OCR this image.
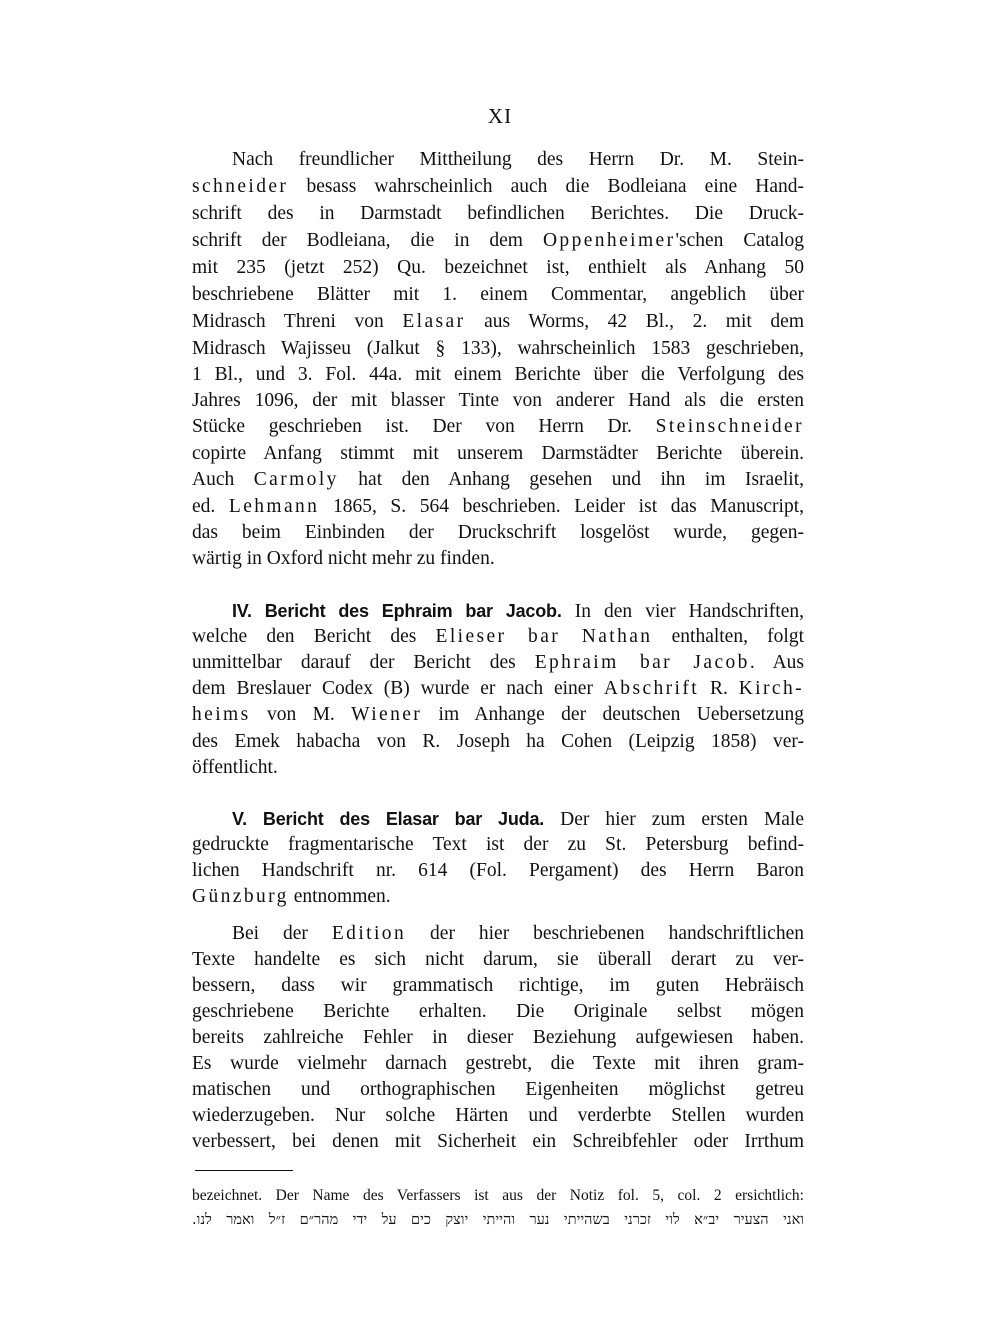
XI
Nach freundlicher Mittheilung des Herrn Dr. M. Stein-
schneider besass wahrscheinlich auch die Bodleiana eine Hand-
schrift des in Darmstadt befindlichen Berichtes. Die Druck-
schrift der Bodleiana, die in dem Oppenheimer'schen Catalog
mit 235 (jetzt 252) Qu. bezeichnet ist, enthielt als Anhang 50
beschriebene Blätter mit 1. einem Commentar, angeblich über
Midrasch Threni von Elasar aus Worms, 42 Bl., 2. mit dem
Midrasch Wajisseu (Jalkut § 133), wahrscheinlich 1583 geschrieben,
1 Bl., und 3. Fol. 44a. mit einem Berichte über die Verfolgung des
Jahres 1096, der mit blasser Tinte von anderer Hand als die ersten
Stücke geschrieben ist. Der von Herrn Dr. Steinschneider
copirte Anfang stimmt mit unserem Darmstädter Berichte überein.
Auch Carmoly hat den Anhang gesehen und ihn im Israelit,
ed. Lehmann 1865, S. 564 beschrieben. Leider ist das Manuscript,
das beim Einbinden der Druckschrift losgelöst wurde, gegen-
wärtig in Oxford nicht mehr zu finden.
IV. Bericht des Ephraim bar Jacob. In den vier Handschriften,
welche den Bericht des Elieser bar Nathan enthalten, folgt
unmittelbar darauf der Bericht des Ephraim bar Jacob. Aus
dem Breslauer Codex (B) wurde er nach einer Abschrift R. Kirch-
heims von M. Wiener im Anhange der deutschen Uebersetzung
des Emek habacha von R. Joseph ha Cohen (Leipzig 1858) ver-
öffentlicht.
V. Bericht des Elasar bar Juda. Der hier zum ersten Male
gedruckte fragmentarische Text ist der zu St. Petersburg befind-
lichen Handschrift nr. 614 (Fol. Pergament) des Herrn Baron
Günzburg entnommen.
Bei der Edition der hier beschriebenen handschriftlichen
Texte handelte es sich nicht darum, sie überall derart zu ver-
bessern, dass wir grammatisch richtige, im guten Hebräisch
geschriebene Berichte erhalten. Die Originale selbst mögen
bereits zahlreiche Fehler in dieser Beziehung aufgewiesen haben.
Es wurde vielmehr darnach gestrebt, die Texte mit ihren gram-
matischen und orthographischen Eigenheiten möglichst getreu
wiederzugeben. Nur solche Härten und verderbte Stellen wurden
verbessert, bei denen mit Sicherheit ein Schreibfehler oder Irrthum
bezeichnet. Der Name des Verfassers ist aus der Notiz fol. 5, col. 2 ersichtlich:
ואני הצעיר יב״א לוי זכרני בשהייתי נער והייתי יוצק כים על ידי מהר״ם ז״ל ואמר לנו.
